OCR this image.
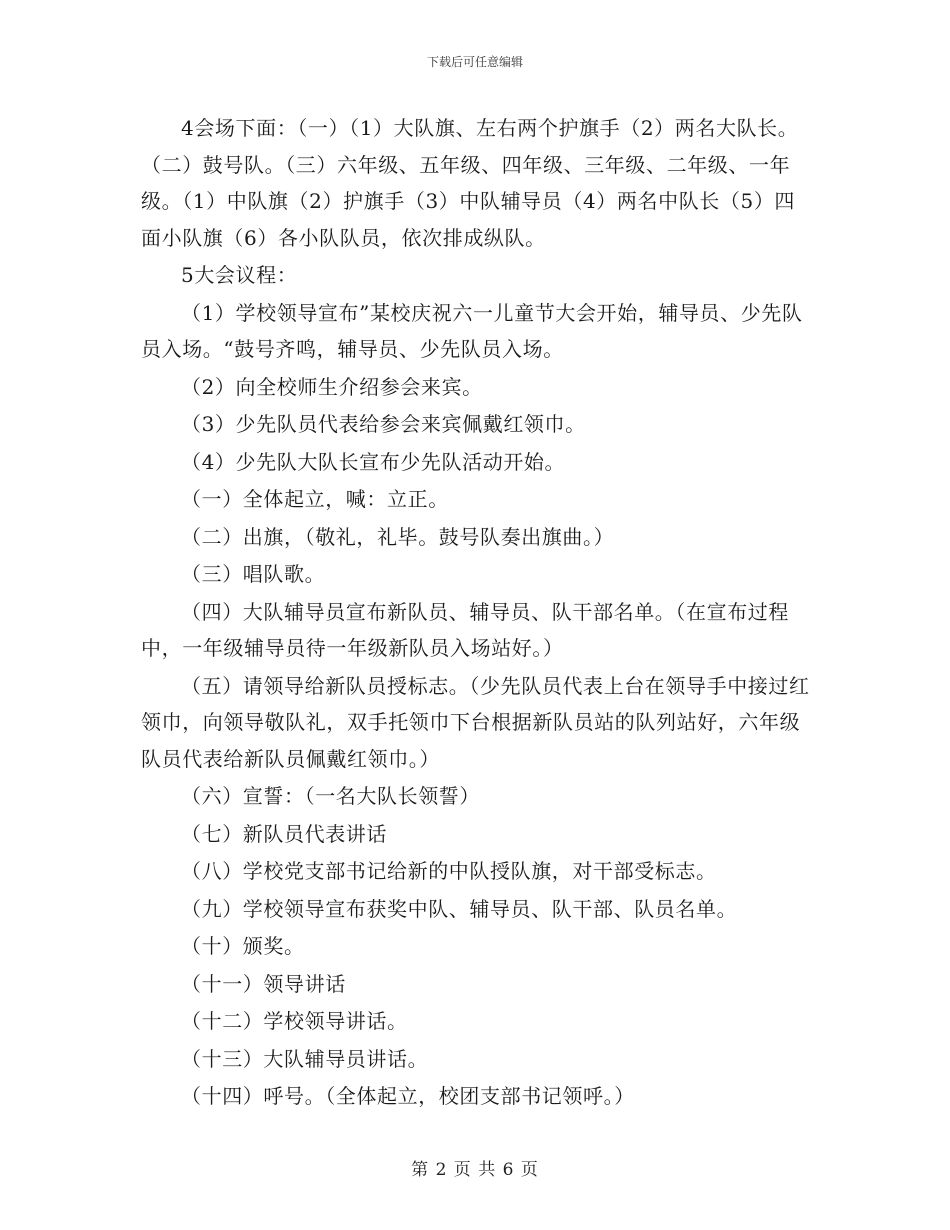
下载后可任意编辑

4会场下面：（一）（1）大队旗、左右两个护旗手（2）两名大队长。（二）鼓号队。（三）六年级、五年级、四年级、三年级、二年级、一年级。（1）中队旗（2）护旗手（3）中队辅导员（4）两名中队长（5）四面小队旗（6）各小队队员，依次排成纵队。

5大会议程：

（1）学校领导宣布”某校庆祝六一儿童节大会开始，辅导员、少先队员入场。“鼓号齐鸣，辅导员、少先队员入场。

（2）向全校师生介绍参会来宾。

（3）少先队员代表给参会来宾佩戴红领巾。

（4）少先队大队长宣布少先队活动开始。

（一）全体起立，喊：立正。

（二）出旗，（敬礼，礼毕。鼓号队奏出旗曲。）

（三）唱队歌。

（四）大队辅导员宣布新队员、辅导员、队干部名单。（在宣布过程中，一年级辅导员待一年级新队员入场站好。）

（五）请领导给新队员授标志。（少先队员代表上台在领导手中接过红领巾，向领导敬队礼，双手托领巾下台根据新队员站的队列站好，六年级队员代表给新队员佩戴红领巾。）

（六）宣誓：（一名大队长领誓）

（七）新队员代表讲话

（八）学校党支部书记给新的中队授队旗，对干部受标志。

（九）学校领导宣布获奖中队、辅导员、队干部、队员名单。

（十）颁奖。

（十一）领导讲话

（十二）学校领导讲话。

（十三）大队辅导员讲话。

（十四）呼号。（全体起立，校团支部书记领呼。）

第 2 页 共 6 页
